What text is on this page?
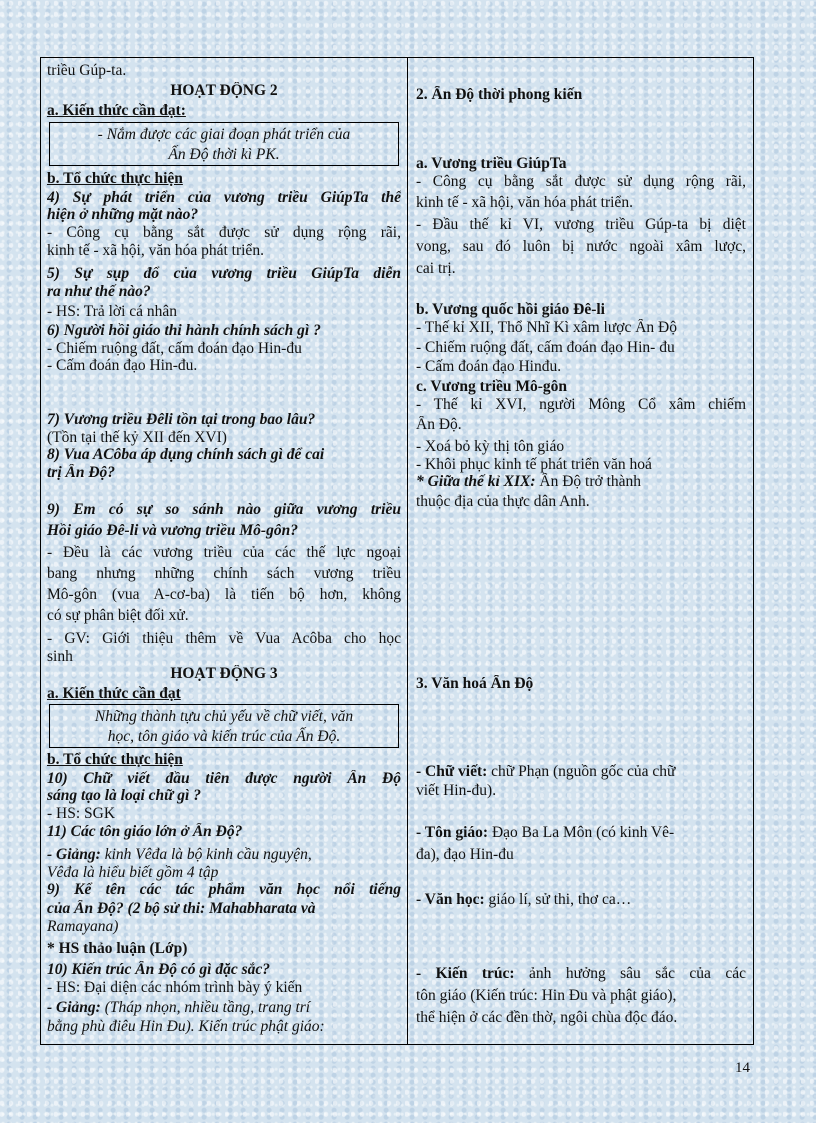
triều Gúp-ta.
HOẠT ĐỘNG 2
a. Kiến thức cần đạt:
- Nắm được các giai đoạn phát triển của
Ấn Độ thời kì PK.
b. Tổ chức thực hiện
4) Sự phát triển của vương triều GiúpTa thể
hiện ở những mặt nào?
- Công cụ bằng sắt được sử dụng rộng rãi,
kinh tế - xã hội, văn hóa phát triển.
5) Sự sụp đổ của vương triều GiúpTa diễn
ra như thế nào?
- HS: Trả lời cá nhân
6) Người hồi giáo thi hành chính sách gì ?
- Chiếm ruộng đất, cấm đoán đạo Hin-đu
- Cấm đoán đạo Hin-đu.
7) Vương triều Đêli tồn tại trong bao lâu?
(Tồn tại thế kỷ XII đến XVI)
8) Vua ACôba áp dụng chính sách gì để cai
trị Ấn Độ?
9) Em có sự so sánh nào giữa vương triều
Hồi giáo Đê-li và vương triều Mô-gôn?
- Đều là các vương triều của các thế lực ngoại
bang nhưng những chính sách vương triều
Mô-gôn (vua A-cơ-ba) là tiến bộ hơn, không
có sự phân biệt đối xử.
- GV: Giới thiệu thêm về Vua Acôba cho học
sinh
HOẠT ĐỘNG 3
a. Kiến thức cần đạt
Những thành tựu chủ yếu về chữ viết, văn
học, tôn giáo và kiến trúc của Ấn Độ.
b. Tổ chức thực hiện
10) Chữ viết đầu tiên được người Ấn Độ
sáng tạo là loại chữ gì ?
- HS: SGK
11) Các tôn giáo lớn ở Ấn Độ?
- Giảng: kinh Vêđa là bộ kinh cầu nguyện,
Vêđa là hiểu biết gồm 4 tập
9) Kể tên các tác phẩm văn học nổi tiếng
của Ấn Độ? (2 bộ sử thi: Mahabharata và
Ramayana)
* HS thảo luận (Lớp)
10) Kiến trúc Ấn Độ có gì đặc sắc?
- HS: Đại diện các nhóm trình bày ý kiến
- Giảng: (Tháp nhọn, nhiều tầng, trang trí
bằng phù điêu Hin Đu). Kiến trúc phật giáo:
2. Ấn Độ thời phong kiến
a. Vương triều GiúpTa
- Công cụ bằng sắt được sử dụng rộng rãi,
kinh tế - xã hội, văn hóa phát triển.
- Đầu thế kỉ VI, vương triều Gúp-ta bị diệt
vong, sau đó luôn bị nước ngoài xâm lược,
cai trị.
b. Vương quốc hồi giáo Đê-li
- Thế kỉ XII, Thổ Nhĩ Kì xâm lược Ấn Độ
- Chiếm ruộng đất, cấm đoán đạo Hin- đu
- Cấm đoán đạo Hinđu.
c. Vương triều Mô-gôn
- Thế kỉ XVI, người Mông Cổ xâm chiếm
Ấn Độ.
- Xoá bỏ kỳ thị tôn giáo
- Khôi phục kinh tế phát triển văn hoá
* Giữa thế kỉ XIX: Ấn Độ trở thành
thuộc địa của thực dân Anh.
3. Văn hoá Ấn Độ
- Chữ viết: chữ Phạn (nguồn gốc của chữ
viết Hin-đu).
- Tôn giáo: Đạo Ba La Môn (có kinh Vê-
đa), đạo Hin-đu
- Văn học: giáo lí, sử thi, thơ ca…
- Kiến trúc: ảnh hưởng sâu sắc của các
tôn giáo (Kiến trúc: Hin Đu và phật giáo),
thể hiện ở các đền thờ, ngôi chùa độc đáo.
14
